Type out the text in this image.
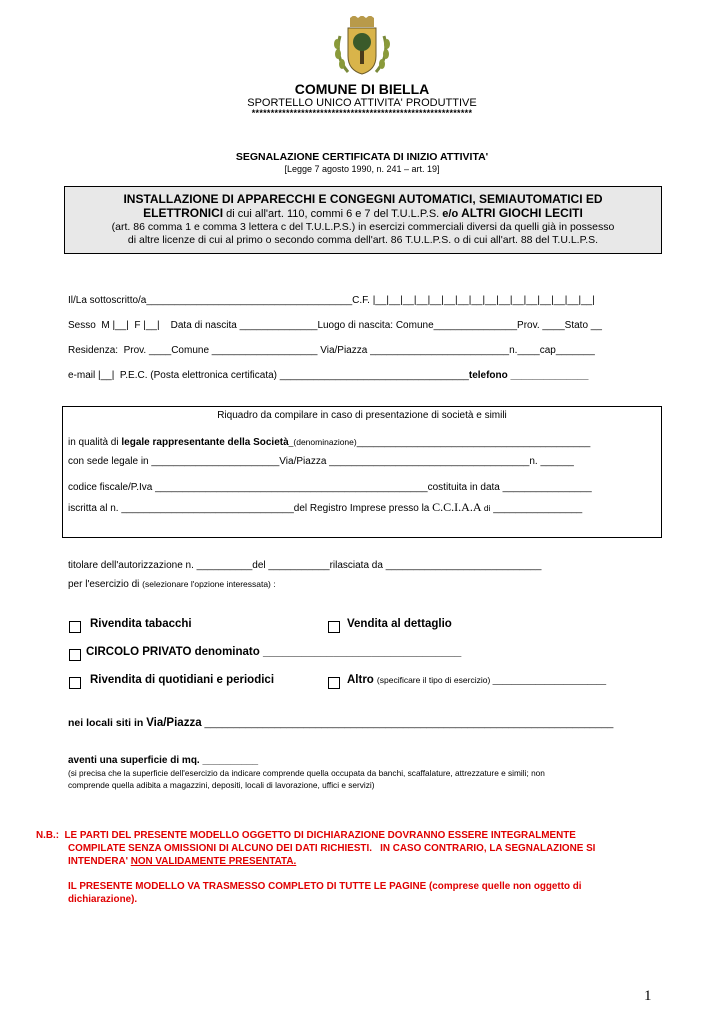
COMUNE DI BIELLA
SPORTELLO UNICO ATTIVITA' PRODUTTIVE
**********************************************************
SEGNALAZIONE CERTIFICATA DI INIZIO ATTIVITA'
[Legge 7 agosto 1990, n. 241 – art. 19]
INSTALLAZIONE DI APPARECCHI E CONGEGNI AUTOMATICI, SEMIAUTOMATICI ED
ELETTRONICI di cui all'art. 110, commi 6 e 7 del T.U.L.P.S. e/o ALTRI GIOCHI LECITI
(art. 86 comma 1 e comma 3 lettera c del T.U.L.P.S.) in esercizi commerciali diversi da quelli già in possesso
di altre licenze di cui al primo o secondo comma dell'art. 86 T.U.L.P.S. o di cui all'art. 88 del T.U.L.P.S.
Il/La sottoscritto/a_____________________________________C.F. |__|__|__|__|__|__|__|__|__|__|__|__|__|__|__|__|
Sesso  M |__|  F |__|    Data di nascita ______________Luogo di nascita: Comune_______________Prov. ____Stato __
Residenza:  Prov. ____Comune ___________________ Via/Piazza _________________________n.____cap_______
e-mail |__|  P.E.C. (Posta elettronica certificata) __________________________________telefono ______________
Riquadro da compilare in caso di presentazione di società e simili
in qualità di legale rappresentante della Società_(denominazione)__________________________________________
con sede legale in _______________________Via/Piazza ____________________________________n. ______
codice fiscale/P.Iva _________________________________________________costituita in data ________________
iscritta al n. _______________________________del Registro Imprese presso la C.C.I.A.A di ________________
titolare dell'autorizzazione n. __________del ___________rilasciata da ____________________________
per l'esercizio di (selezionare l'opzione interessata) :
Rivendita tabacchi	Vendita al dettaglio
CIRCOLO PRIVATO denominato _______________________________
Rivendita di quotidiani e periodici	Altro (specificare il tipo di esercizio) ________________________
nei locali siti in Via/Piazza ______________________________________________________________________
aventi una superficie di mq. __________
(si precisa che la superficie dell'esercizio da indicare comprende quella occupata da banchi, scaffalature, attrezzature e simili; non
comprende quella adibita a magazzini, depositi, locali di lavorazione, uffici e servizi)
N.B.:  LE PARTI DEL PRESENTE MODELLO OGGETTO DI DICHIARAZIONE DOVRANNO ESSERE INTEGRALMENTE
COMPILATE SENZA OMISSIONI DI ALCUNO DEI DATI RICHIESTI.   IN CASO CONTRARIO, LA SEGNALAZIONE SI
INTENDERA' NON VALIDAMENTE PRESENTATA.
IL PRESENTE MODELLO VA TRASMESSO COMPLETO DI TUTTE LE PAGINE (comprese quelle non oggetto di
dichiarazione).
1
